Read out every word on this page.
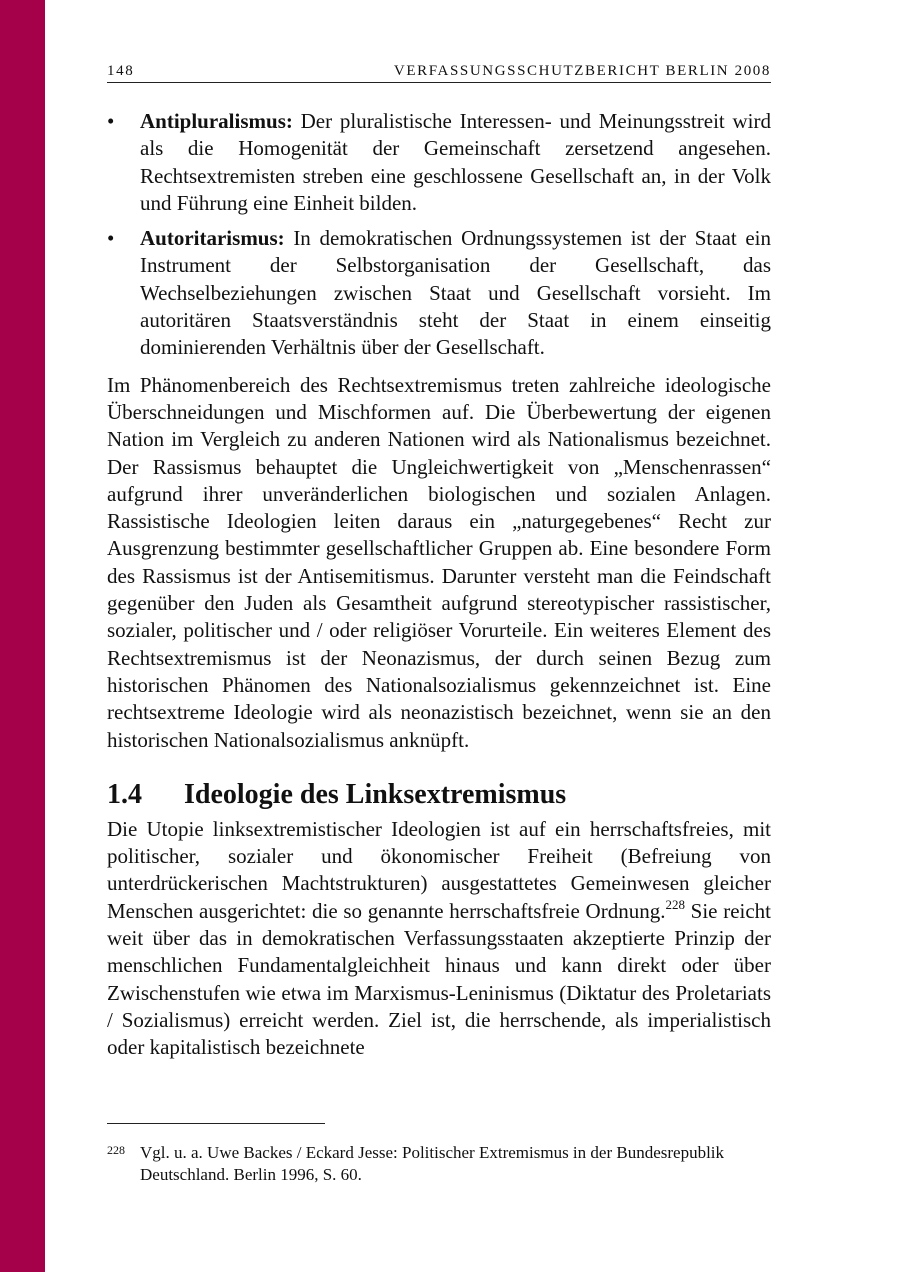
148	VERFASSUNGSSCHUTZBERICHT BERLIN 2008
•	Antipluralismus: Der pluralistische Interessen- und Meinungsstreit wird als die Homogenität der Gemeinschaft zersetzend angesehen. Rechtsextremisten streben eine geschlossene Gesellschaft an, in der Volk und Führung eine Einheit bilden.
•	Autoritarismus: In demokratischen Ordnungssystemen ist der Staat ein Instrument der Selbstorganisation der Gesellschaft, das Wechselbeziehungen zwischen Staat und Gesellschaft vorsieht. Im autoritären Staatsverständnis steht der Staat in einem einseitig dominierenden Verhältnis über der Gesellschaft.

Im Phänomenbereich des Rechtsextremismus treten zahlreiche ideologische Überschneidungen und Mischformen auf. Die Überbewertung der eigenen Nation im Vergleich zu anderen Nationen wird als Nationalismus bezeichnet. Der Rassismus behauptet die Ungleichwertigkeit von „Menschenrassen“ aufgrund ihrer unveränderlichen biologischen und sozialen Anlagen. Rassistische Ideologien leiten daraus ein „naturgegebenes“ Recht zur Ausgrenzung bestimmter gesellschaftlicher Gruppen ab. Eine besondere Form des Rassismus ist der Antisemitismus. Darunter versteht man die Feindschaft gegenüber den Juden als Gesamtheit aufgrund stereotypischer rassistischer, sozialer, politischer und / oder religiöser Vorurteile. Ein weiteres Element des Rechtsextremismus ist der Neonazismus, der durch seinen Bezug zum historischen Phänomen des Nationalsozialismus gekennzeichnet ist. Eine rechtsextreme Ideologie wird als neonazistisch bezeichnet, wenn sie an den historischen Nationalsozialismus anknüpft.

1.4	Ideologie des Linksextremismus

Die Utopie linksextremistischer Ideologien ist auf ein herrschaftsfreies, mit politischer, sozialer und ökonomischer Freiheit (Befreiung von unterdrückerischen Machtstrukturen) ausgestattetes Gemeinwesen gleicher Menschen ausgerichtet: die so genannte herrschaftsfreie Ordnung.$^{228}$ Sie reicht weit über das in demokratischen Verfassungsstaaten akzeptierte Prinzip der menschlichen Fundamentalgleichheit hinaus und kann direkt oder über Zwischenstufen wie etwa im Marxismus-Leninismus (Diktatur des Proletariats / Sozialismus) erreicht werden. Ziel ist, die herrschende, als imperialistisch oder kapitalistisch bezeichnete

228 Vgl. u. a. Uwe Backes / Eckard Jesse: Politischer Extremismus in der Bundesrepublik Deutschland. Berlin 1996, S. 60.
